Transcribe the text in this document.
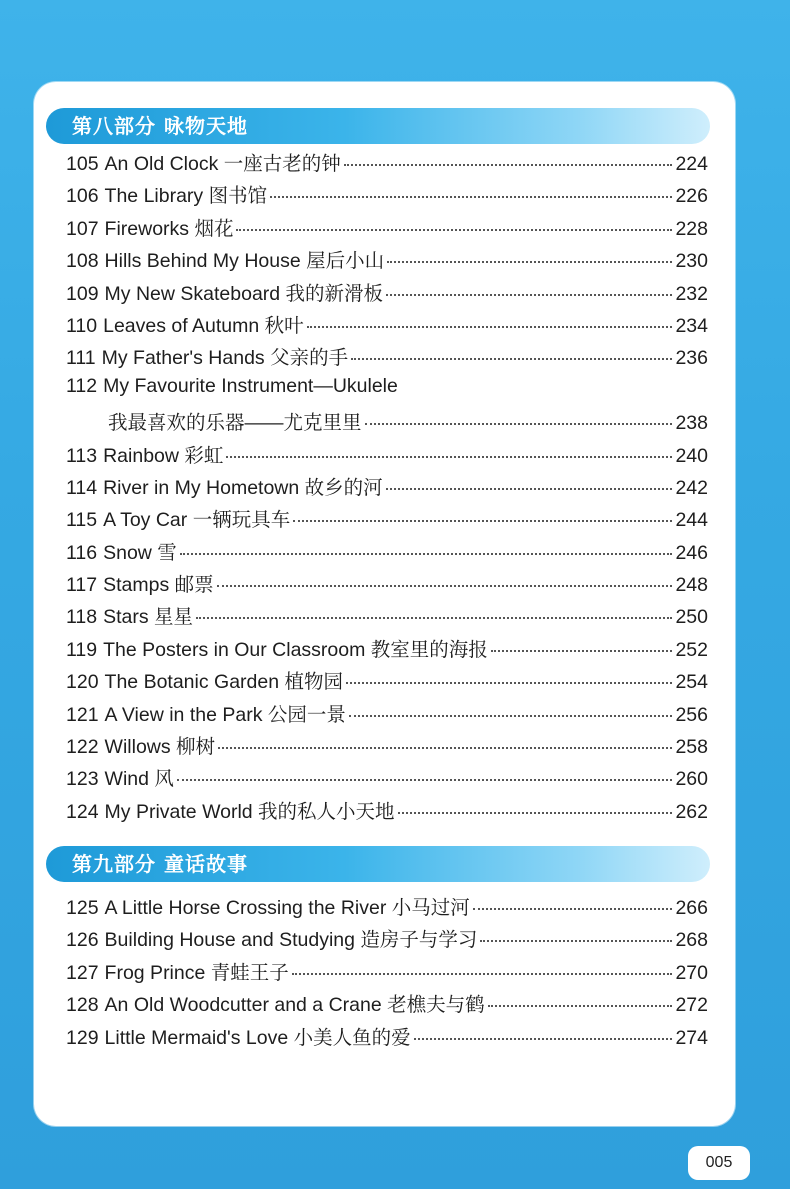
第八部分 咏物天地
105 An Old Clock 一座古老的钟	224
106 The Library 图书馆	226
107 Fireworks 烟花	228
108 Hills Behind My House 屋后小山	230
109 My New Skateboard 我的新滑板	232
110 Leaves of Autumn 秋叶	234
111 My Father's Hands 父亲的手	236
112 My Favourite Instrument—Ukulele
我最喜欢的乐器——尤克里里	238
113 Rainbow 彩虹	240
114 River in My Hometown 故乡的河	242
115 A Toy Car 一辆玩具车	244
116 Snow 雪	246
117 Stamps 邮票	248
118 Stars 星星	250
119 The Posters in Our Classroom 教室里的海报	252
120 The Botanic Garden 植物园	254
121 A View in the Park 公园一景	256
122 Willows 柳树	258
123 Wind 风	260
124 My Private World 我的私人小天地	262
第九部分 童话故事
125 A Little Horse Crossing the River 小马过河	266
126 Building House and Studying 造房子与学习	268
127 Frog Prince 青蛙王子	270
128 An Old Woodcutter and a Crane 老樵夫与鹤	272
129 Little Mermaid's Love 小美人鱼的爱	274
005
